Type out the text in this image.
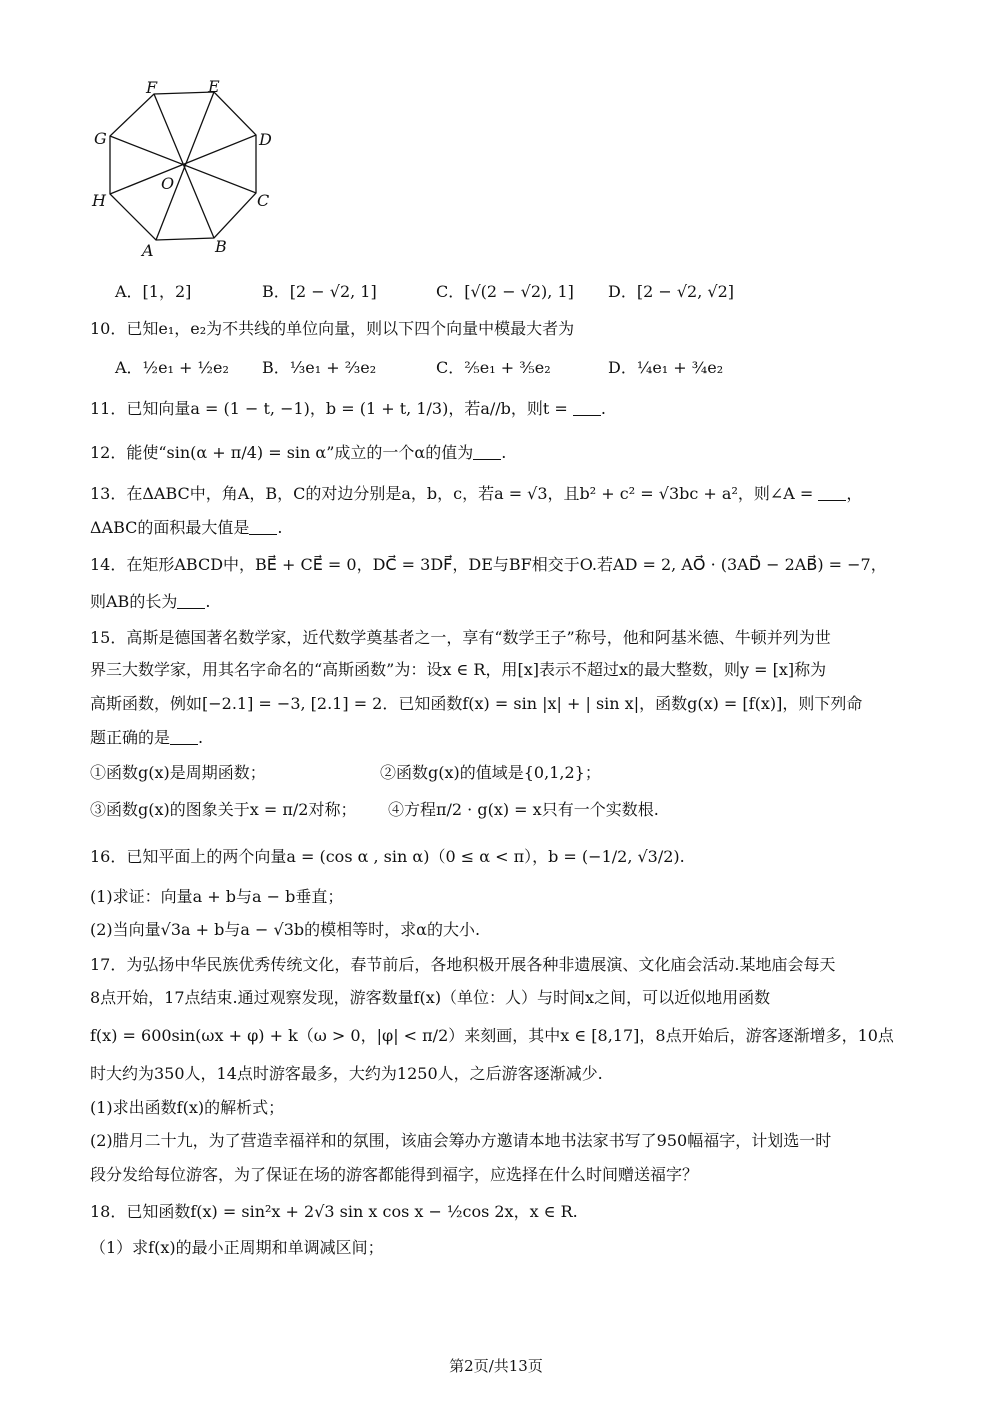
F	E
D
C
B
A
H
G
O
A．[1，2]	B．[2 − √2, 1]	C．[√(2 − √2), 1] D．[2 − √2, √2]
10．已知e₁，e₂为不共线的单位向量，则以下四个向量中模最大者为
A．½e₁ + ½e₂ B．⅓e₁ + ⅔e₂	C．⅖e₁ + ⅗e₂	D．¼e₁ + ¾e₂
11．已知向量a = (1 − t, −1)，b = (1 + t, 1/3)，若a//b，则t = .
12．能使“sin(α + π/4) = sin α”成立的一个α的值为 .
13．在ΔABC中，角A，B，C的对边分别是a，b，c，若a = √3，且b² + c² = √3bc + a²，则∠A = ，
ΔABC的面积最大值是 .
14．在矩形ABCD中，BE⃗ + CE⃗ = 0，DC⃗ = 3DF⃗，DE与BF相交于O.若AD = 2, AO⃗ · (3AD⃗ − 2AB⃗) = −7，
则AB的长为 .
15．高斯是德国著名数学家，近代数学奠基者之一，享有“数学王子”称号，他和阿基米德、牛顿并列为世
界三大数学家，用其名字命名的“高斯函数”为：设x ∈ R，用[x]表示不超过x的最大整数，则y = [x]称为
高斯函数，例如[−2.1] = −3, [2.1] = 2．已知函数f(x) = sin |x| + | sin x|，函数g(x) = [f(x)]，则下列命
题正确的是 .
①函数g(x)是周期函数；	②函数g(x)的值域是{0,1,2}；
③函数g(x)的图象关于x = π/2对称； ④方程π/2 · g(x) = x只有一个实数根.
16．已知平面上的两个向量a = (cos α , sin α)（0 ≤ α < π），b = (−1/2, √3/2).
(1)求证：向量a + b与a − b垂直；
(2)当向量√3a + b与a − √3b的模相等时，求α的大小.
17．为弘扬中华民族优秀传统文化，春节前后，各地积极开展各种非遗展演、文化庙会活动.某地庙会每天
8点开始，17点结束.通过观察发现，游客数量f(x)（单位：人）与时间x之间，可以近似地用函数
f(x) = 600sin(ωx + φ) + k（ω > 0，|φ| < π/2）来刻画，其中x ∈ [8,17]，8点开始后，游客逐渐增多，10点
时大约为350人，14点时游客最多，大约为1250人，之后游客逐渐减少.
(1)求出函数f(x)的解析式；
(2)腊月二十九，为了营造幸福祥和的氛围，该庙会筹办方邀请本地书法家书写了950幅福字，计划选一时
段分发给每位游客，为了保证在场的游客都能得到福字，应选择在什么时间赠送福字？
18．已知函数f(x) = sin²x + 2√3 sin x cos x − ½cos 2x，x ∈ R.
（1）求f(x)的最小正周期和单调减区间；
第2页/共13页
